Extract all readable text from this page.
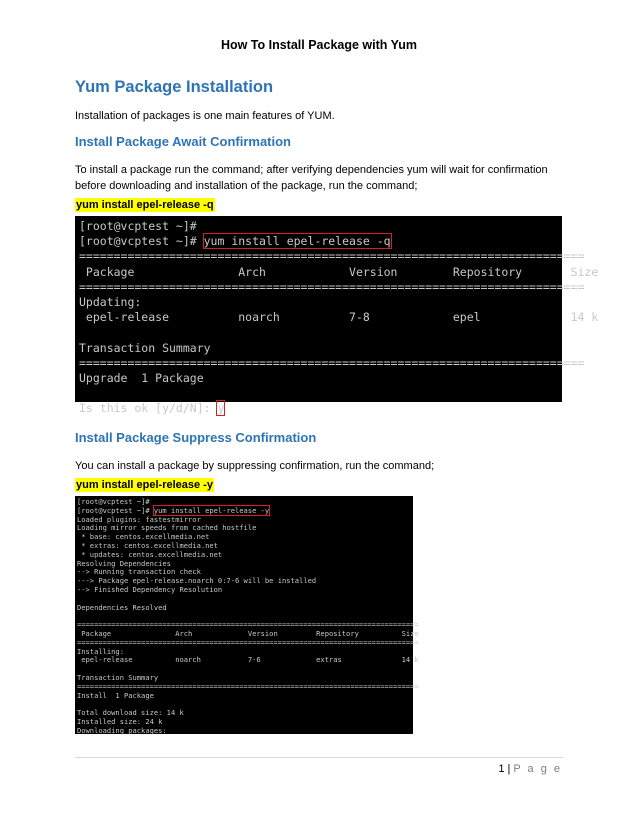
How To Install Package with Yum
Yum Package Installation
Installation of packages is one main features of YUM.
Install Package Await Confirmation
To install a package run the command; after verifying dependencies yum will wait for confirmation before downloading and installation of the package, run the command;
yum install epel-release -q
[root@vcptest ~]#
[root@vcptest ~]# yum install epel-release -q
=========================================================================
Package               Arch            Version        Repository       Size
=========================================================================
Updating:
epel-release          noarch          7-8            epel             14 k

Transaction Summary
=========================================================================
Upgrade  1 Package

Is this ok [y/d/N]: y
Install Package Suppress Confirmation
You can install a package by suppressing confirmation, run the command;
yum install epel-release -y
[root@vcptest ~]#
[root@vcptest ~]# yum install epel-release -y
Loaded plugins: fastestmirror
Loading mirror speeds from cached hostfile
* base: centos.excellmedia.net
* extras: centos.excellmedia.net
* updates: centos.excellmedia.net
Resolving Dependencies
--> Running transaction check
---> Package epel-release.noarch 0:7-6 will be installed
--> Finished Dependency Resolution

Dependencies Resolved

================================================================================
Package               Arch             Version         Repository          Size
================================================================================
Installing:
epel-release          noarch           7-6             extras              14 k

Transaction Summary
================================================================================
Install  1 Package

Total download size: 14 k
Installed size: 24 k
Downloading packages:
1 | P a g e
